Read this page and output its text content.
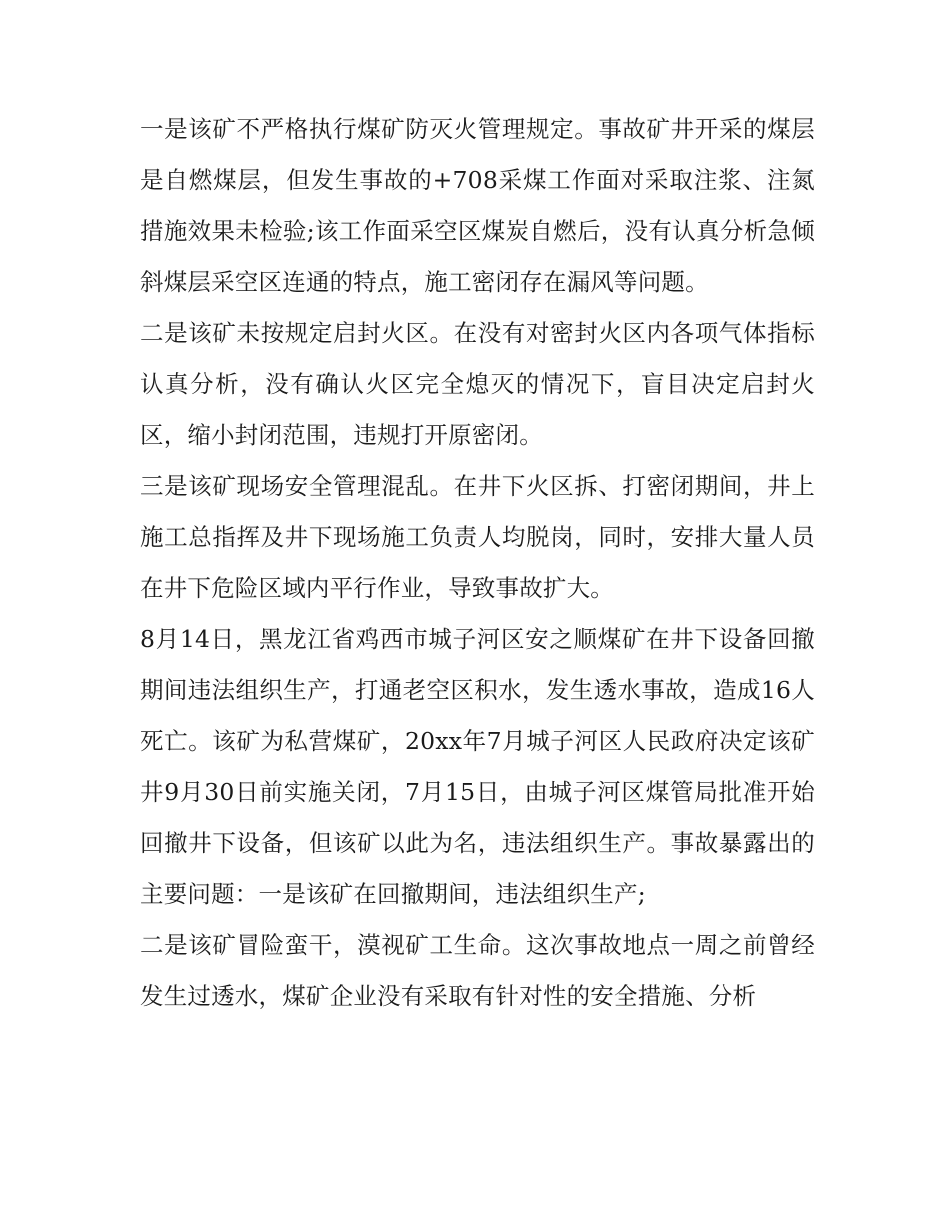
一是该矿不严格执行煤矿防灭火管理规定。事故矿井开采的煤层是自燃煤层，但发生事故的+708采煤工作面对采取注浆、注氮措施效果未检验;该工作面采空区煤炭自燃后，没有认真分析急倾斜煤层采空区连通的特点，施工密闭存在漏风等问题。

二是该矿未按规定启封火区。在没有对密封火区内各项气体指标认真分析，没有确认火区完全熄灭的情况下，盲目决定启封火区，缩小封闭范围，违规打开原密闭。

三是该矿现场安全管理混乱。在井下火区拆、打密闭期间，井上施工总指挥及井下现场施工负责人均脱岗，同时，安排大量人员在井下危险区域内平行作业，导致事故扩大。

8月14日，黑龙江省鸡西市城子河区安之顺煤矿在井下设备回撤期间违法组织生产，打通老空区积水，发生透水事故，造成16人死亡。该矿为私营煤矿，20xx年7月城子河区人民政府决定该矿井9月30日前实施关闭，7月15日，由城子河区煤管局批准开始回撤井下设备，但该矿以此为名，违法组织生产。事故暴露出的主要问题：一是该矿在回撤期间，违法组织生产;

二是该矿冒险蛮干，漠视矿工生命。这次事故地点一周之前曾经发生过透水，煤矿企业没有采取有针对性的安全措施、分析
